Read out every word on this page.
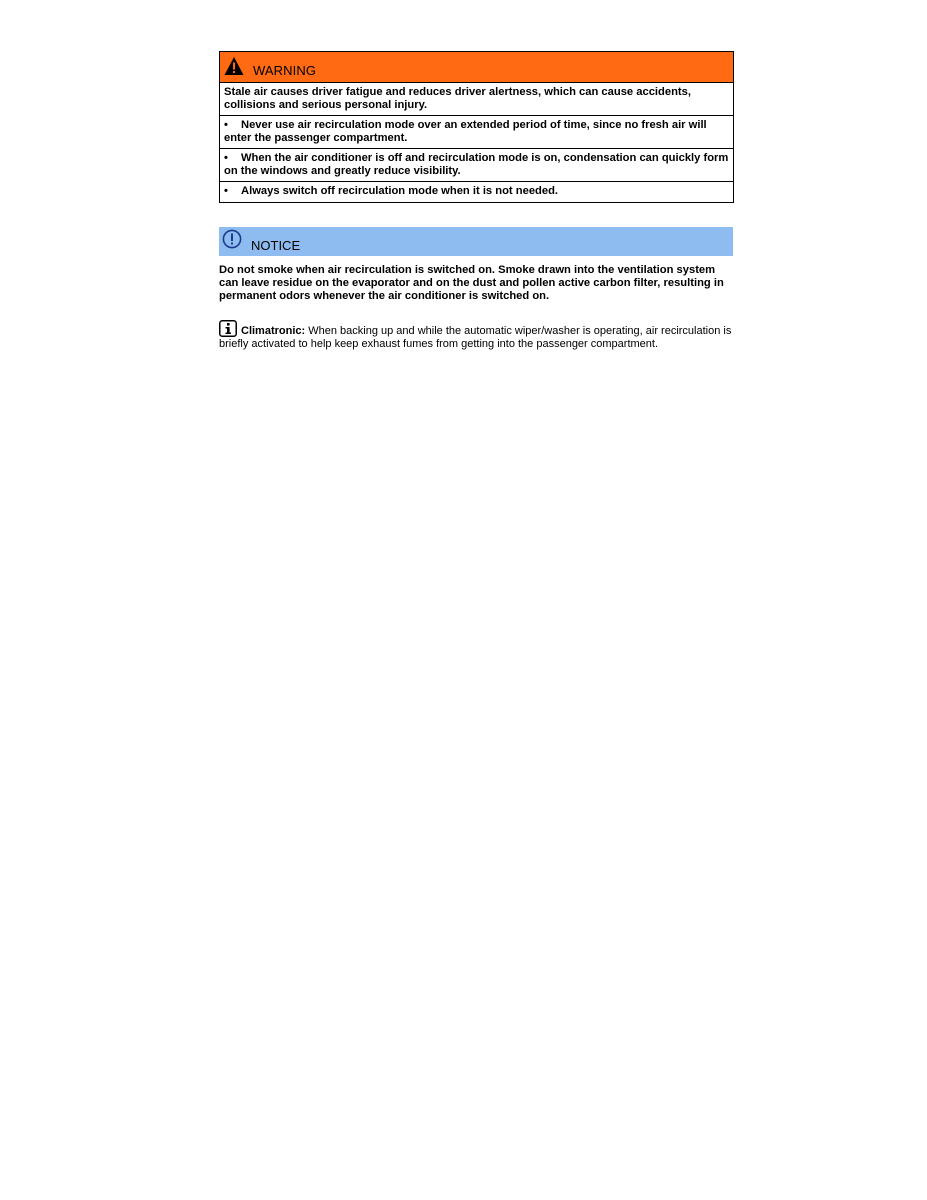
WARNING
Stale air causes driver fatigue and reduces driver alertness, which can cause accidents, collisions and serious personal injury.
• Never use air recirculation mode over an extended period of time, since no fresh air will enter the passenger compartment.
• When the air conditioner is off and recirculation mode is on, condensation can quickly form on the windows and greatly reduce visibility.
• Always switch off recirculation mode when it is not needed.
NOTICE
Do not smoke when air recirculation is switched on. Smoke drawn into the ventilation system can leave residue on the evaporator and on the dust and pollen active carbon filter, resulting in permanent odors whenever the air conditioner is switched on.
Climatronic: When backing up and while the automatic wiper/washer is operating, air recirculation is briefly activated to help keep exhaust fumes from getting into the passenger compartment.
